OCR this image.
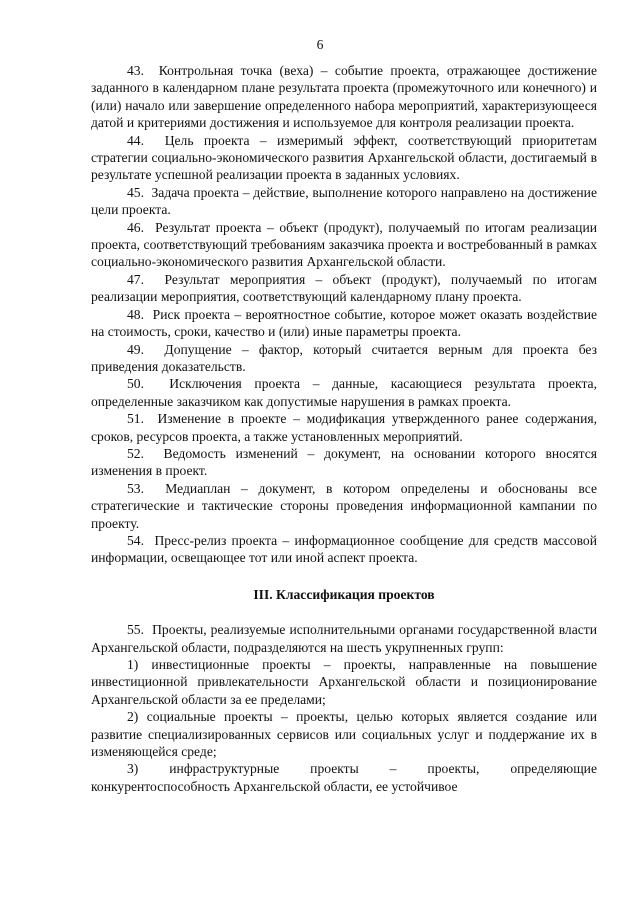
6

43.  Контрольная точка (веха) – событие проекта, отражающее достижение заданного в календарном плане результата проекта (промежуточного или конечного) и (или) начало или завершение определенного набора мероприятий, характеризующееся датой и критериями достижения и используемое для контроля реализации проекта.

44.  Цель проекта – измеримый эффект, соответствующий приоритетам стратегии социально-экономического развития Архангельской области, достигаемый в результате успешной реализации проекта в заданных условиях.

45.  Задача проекта – действие, выполнение которого направлено на достижение цели проекта.

46.  Результат проекта – объект (продукт), получаемый по итогам реализации проекта, соответствующий требованиям заказчика проекта и востребованный в рамках социально-экономического развития Архангельской области.

47.  Результат мероприятия – объект (продукт), получаемый по итогам реализации мероприятия, соответствующий календарному плану проекта.

48.  Риск проекта – вероятностное событие, которое может оказать воздействие на стоимость, сроки, качество и (или) иные параметры проекта.

49.  Допущение – фактор, который считается верным для проекта без приведения доказательств.

50.  Исключения проекта – данные, касающиеся результата проекта, определенные заказчиком как допустимые нарушения в рамках проекта.

51.  Изменение в проекте – модификация утвержденного ранее содержания, сроков, ресурсов проекта, а также установленных мероприятий.

52.  Ведомость изменений – документ, на основании которого вносятся изменения в проект.

53.  Медиаплан – документ, в котором определены и обоснованы все стратегические и тактические стороны проведения информационной кампании по проекту.

54.  Пресс-релиз проекта – информационное сообщение для средств массовой информации, освещающее тот или иной аспект проекта.

III. Классификация проектов

55.  Проекты, реализуемые исполнительными органами государственной власти Архангельской области, подразделяются на шесть укрупненных групп:

1) инвестиционные проекты – проекты, направленные на повышение инвестиционной привлекательности Архангельской области и позиционирование Архангельской области за ее пределами;

2) социальные проекты – проекты, целью которых является создание или развитие специализированных сервисов или социальных услуг и поддержание их в изменяющейся среде;

3) инфраструктурные проекты – проекты, определяющие конкурентоспособность Архангельской области, ее устойчивое
